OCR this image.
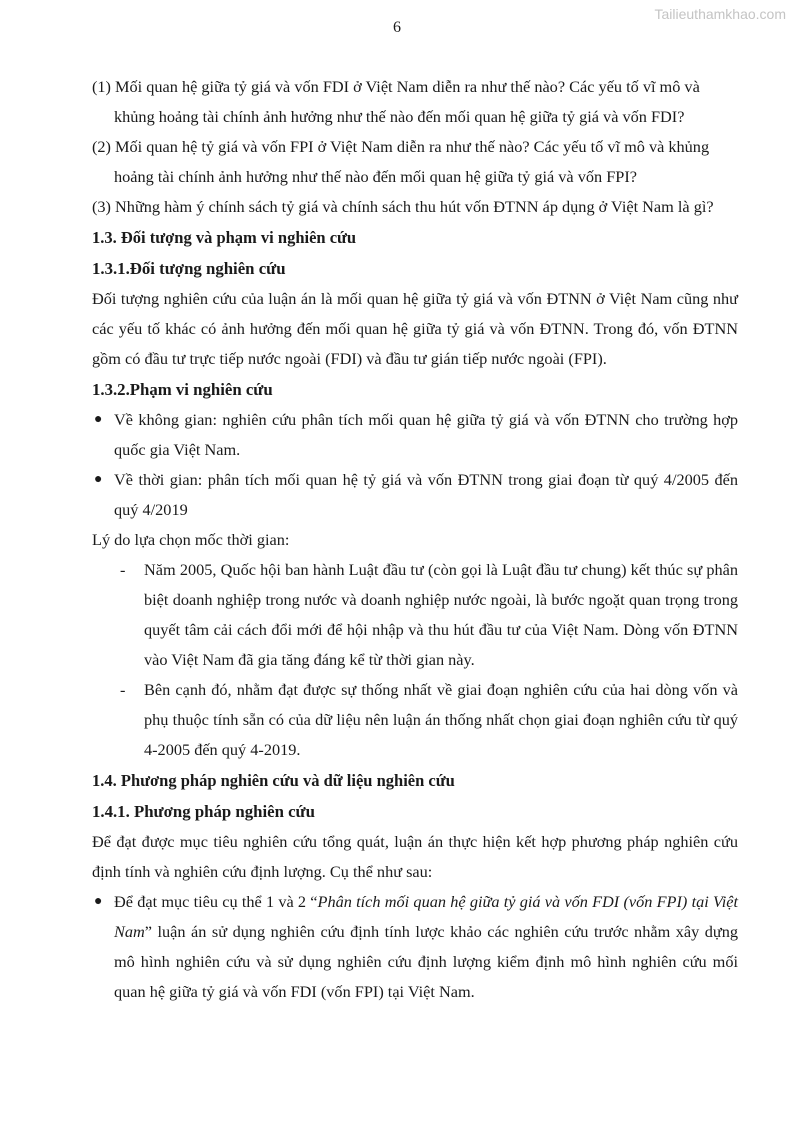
Tailieuthamkhao.com
6
(1) Mối quan hệ giữa tỷ giá và vốn FDI ở Việt Nam diễn ra như thế nào? Các yếu tố vĩ mô và khủng hoảng tài chính ảnh hưởng như thế nào đến mối quan hệ giữa tỷ giá và vốn FDI?
(2) Mối quan hệ tỷ giá và vốn FPI ở Việt Nam diễn ra như thế nào? Các yếu tố vĩ mô và khủng hoảng tài chính ảnh hưởng như thế nào đến mối quan hệ giữa tỷ giá và vốn FPI?
(3) Những hàm ý chính sách tỷ giá và chính sách thu hút vốn ĐTNN áp dụng ở Việt Nam là gì?
1.3. Đối tượng và phạm vi nghiên cứu
1.3.1.Đối tượng nghiên cứu

Đối tượng nghiên cứu của luận án là mối quan hệ giữa tỷ giá và vốn ĐTNN ở Việt Nam cũng như các yếu tố khác có ảnh hưởng đến mối quan hệ giữa tỷ giá và vốn ĐTNN. Trong đó, vốn ĐTNN gồm có đầu tư trực tiếp nước ngoài (FDI) và đầu tư gián tiếp nước ngoài (FPI).

1.3.2.Phạm vi nghiên cứu
● Về không gian: nghiên cứu phân tích mối quan hệ giữa tỷ giá và vốn ĐTNN cho trường hợp quốc gia Việt Nam.
● Về thời gian: phân tích mối quan hệ tỷ giá và vốn ĐTNN trong giai đoạn từ quý 4/2005 đến quý 4/2019

Lý do lựa chọn mốc thời gian:

- Năm 2005, Quốc hội ban hành Luật đầu tư (còn gọi là Luật đầu tư chung) kết thúc sự phân biệt doanh nghiệp trong nước và doanh nghiệp nước ngoài, là bước ngoặt quan trọng trong quyết tâm cải cách đổi mới để hội nhập và thu hút đầu tư của Việt Nam. Dòng vốn ĐTNN vào Việt Nam đã gia tăng đáng kể từ thời gian này.
- Bên cạnh đó, nhằm đạt được sự thống nhất về giai đoạn nghiên cứu của hai dòng vốn và phụ thuộc tính sẵn có của dữ liệu nên luận án thống nhất chọn giai đoạn nghiên cứu từ quý 4-2005 đến quý 4-2019.
1.4. Phương pháp nghiên cứu và dữ liệu nghiên cứu
1.4.1. Phương pháp nghiên cứu

Để đạt được mục tiêu nghiên cứu tổng quát, luận án thực hiện kết hợp phương pháp nghiên cứu định tính và nghiên cứu định lượng. Cụ thể như sau:

● Để đạt mục tiêu cụ thể 1 và 2 “Phân tích mối quan hệ giữa tỷ giá và vốn FDI (vốn FPI) tại Việt Nam” luận án sử dụng nghiên cứu định tính lược khảo các nghiên cứu trước nhằm xây dựng mô hình nghiên cứu và sử dụng nghiên cứu định lượng kiểm định mô hình nghiên cứu mối quan hệ giữa tỷ giá và vốn FDI (vốn FPI) tại Việt Nam.
